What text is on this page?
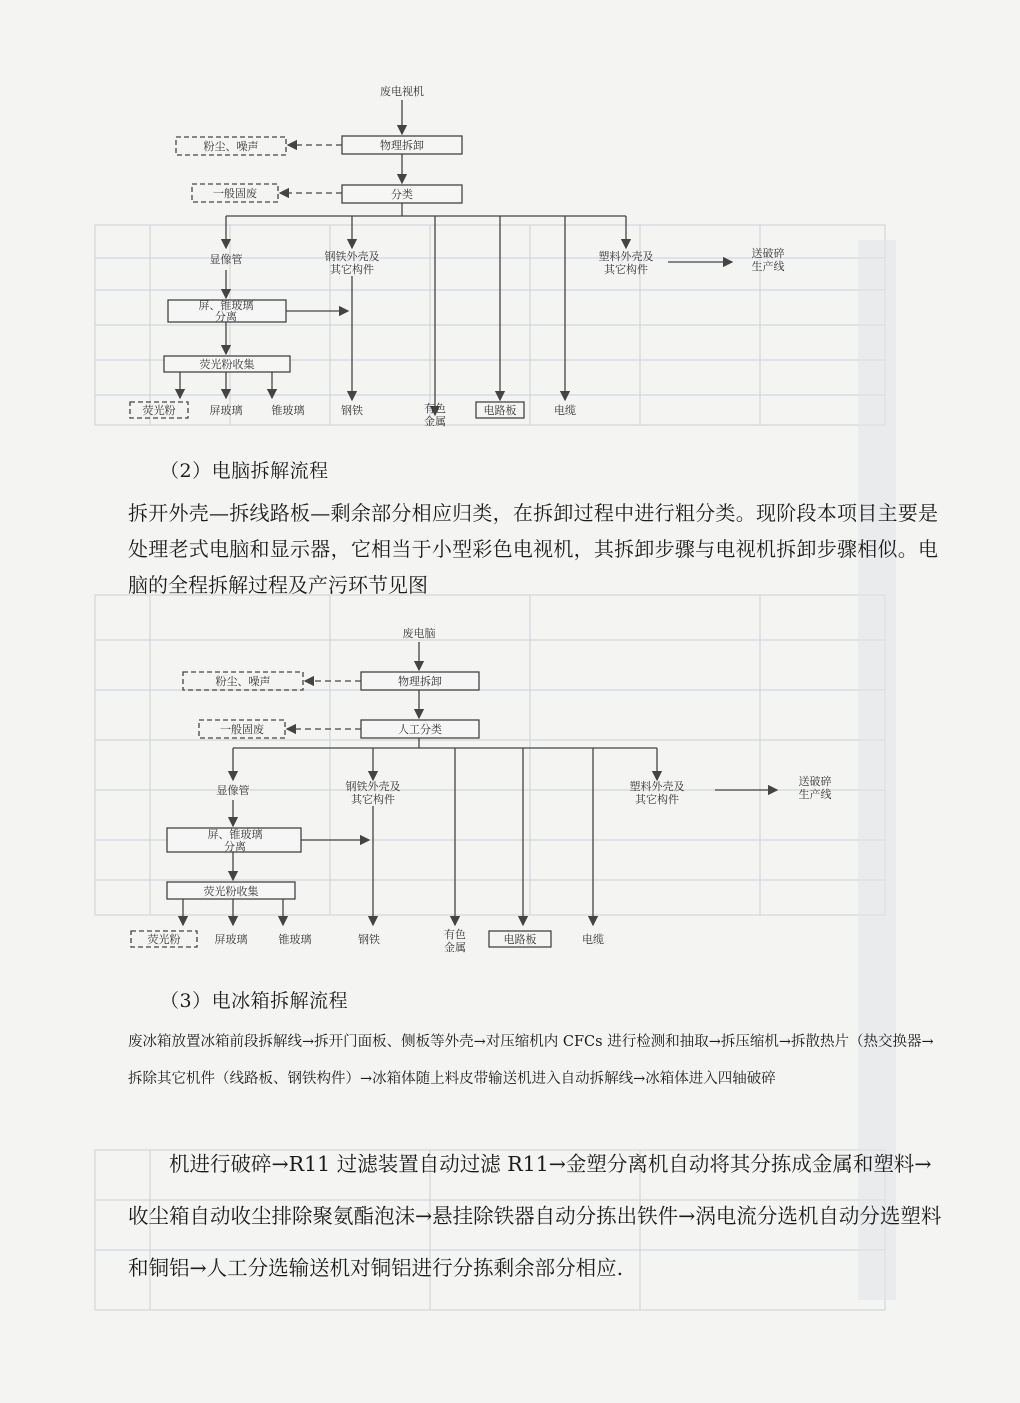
废电视机
物理拆卸
粉尘、噪声
分类
一般固废
显像管	钢铁外壳及
其它构件
塑料外壳及
其它构件
送破碎
生产线
屏、锥玻璃
分离
荧光粉收集
荧光粉	屏玻璃	锥玻璃	钢铁	有色
金属
电路板	电缆
（2）电脑拆解流程
拆开外壳—拆线路板—剩余部分相应归类，在拆卸过程中进行粗分类。现阶段本项目主要是处理老式电脑和显示器，它相当于小型彩色电视机，其拆卸步骤与电视机拆卸步骤相似。电脑的全程拆解过程及产污环节见图
废电脑
物理拆卸
粉尘、噪声
人工分类
一般固废
显像管	钢铁外壳及
其它构件
塑料外壳及
其它构件
送破碎
生产线
屏、锥玻璃
分离
荧光粉收集
荧光粉	屏玻璃	锥玻璃	钢铁	有色
金属
电路板	电缆
（3）电冰箱拆解流程
废冰箱放置冰箱前段拆解线→拆开门面板、侧板等外壳→对压缩机内 CFCs 进行检测和抽取→拆压缩机→拆散热片（热交换器→ 拆除其它机件（线路板、钢铁构件）→冰箱体随上料皮带输送机进入自动拆解线→冰箱体进入四轴破碎
机进行破碎→R11 过滤装置自动过滤 R11→金塑分离机自动将其分拣成金属和塑料→收尘箱自动收尘排除聚氨酯泡沫→悬挂除铁器自动分拣出铁件→涡电流分选机自动分选塑料和铜铝→人工分选输送机对铜铝进行分拣剩余部分相应.
